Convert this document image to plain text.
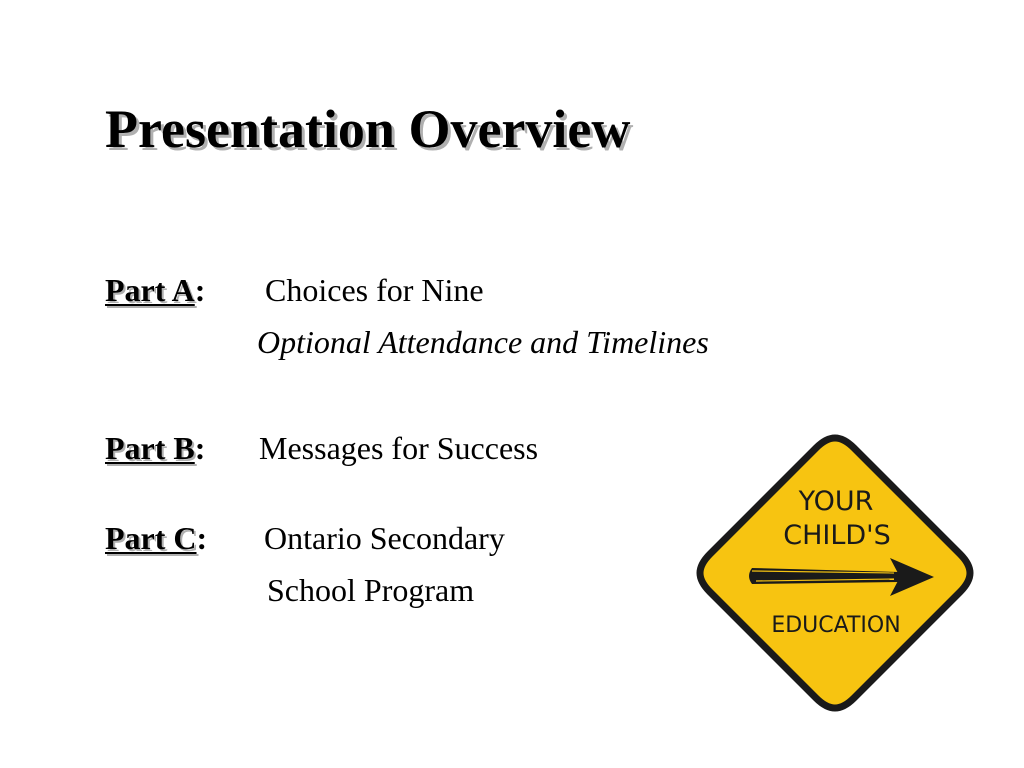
Presentation Overview
Part A: Choices for Nine
Optional Attendance and Timelines
Part B: Messages for Success
Part C: Ontario Secondary
School Program
YOUR
CHILD'S
EDUCATION
